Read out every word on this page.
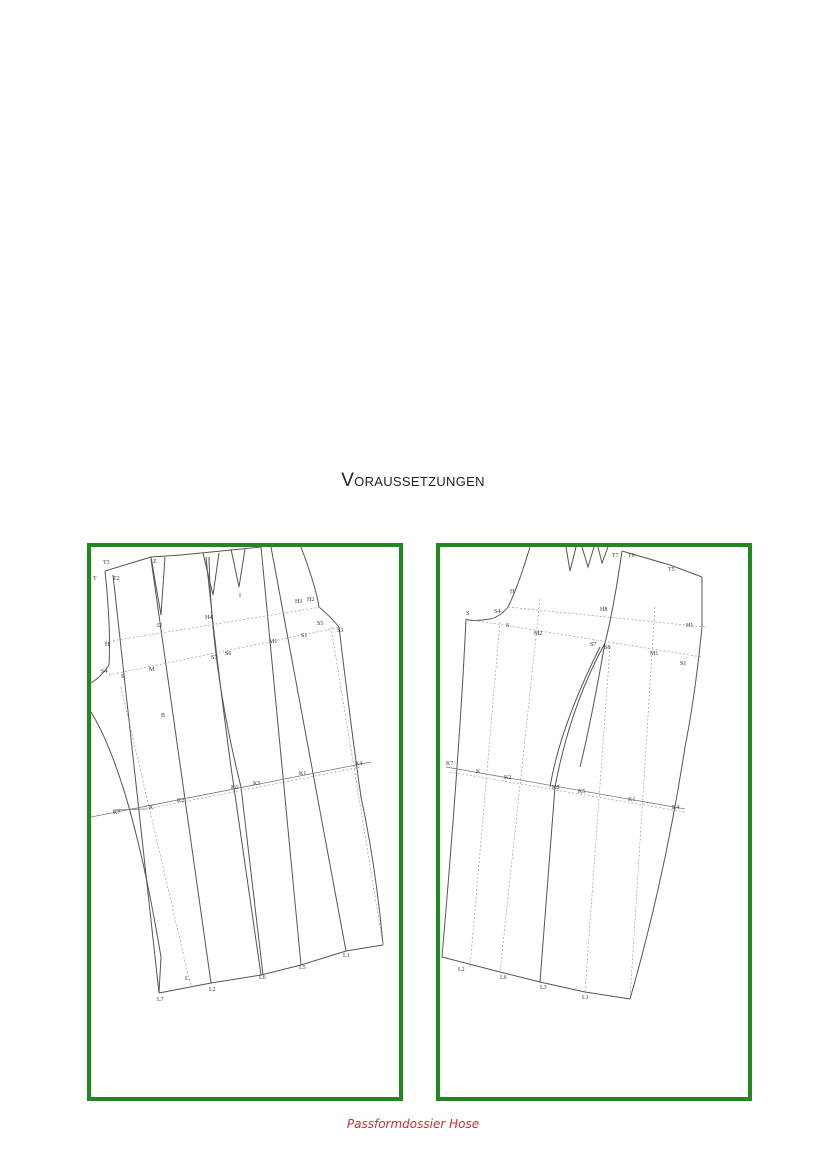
Voraussetzungen
T3
T2
T
Z
I2
I
H
H4
H3 H2
S5
S3
S4
S
M
S7
S6
M1
S1
B
K7
K
K2
K6
K5
K1
K4
L
L7
L2
L6
L5
L1
T7 T6
T5
H
H8
H1
S	S4
S
M2
S7 S8
M1
S1
K7
K
K2
K8
K5
K1
K4
L2
L6
L3
L1
Passformdossier Hose
